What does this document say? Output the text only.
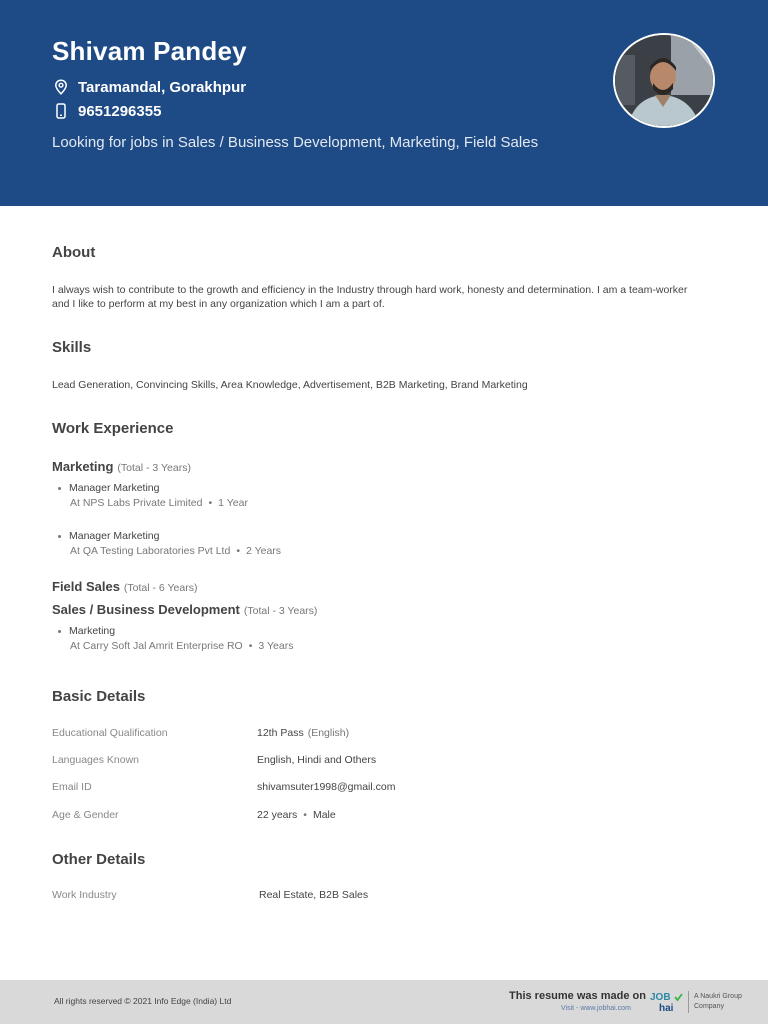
Shivam Pandey
Taramandal, Gorakhpur
9651296355
Looking for jobs in Sales / Business Development, Marketing, Field Sales
About
I always wish to contribute to the growth and efficiency in the Industry through hard work, honesty and determination. I am a team-worker and I like to perform at my best in any organization which I am a part of.
Skills
Lead Generation, Convincing Skills, Area Knowledge, Advertisement, B2B Marketing, Brand Marketing
Work Experience
Marketing (Total - 3 Years)
Manager Marketing
At NPS Labs Private Limited • 1 Year
Manager Marketing
At QA Testing Laboratories Pvt Ltd • 2 Years
Field Sales (Total - 6 Years)
Sales / Business Development (Total - 3 Years)
Marketing
At Carry Soft Jal Amrit Enterprise RO • 3 Years
Basic Details
Educational Qualification	12th Pass (English)
Languages Known	English, Hindi and Others
Email ID	shivamsuter1998@gmail.com
Age & Gender	22 years • Male
Other Details
Work Industry	Real Estate, B2B Sales
All rights reserved © 2021 Info Edge (India) Ltd	This resume was made on
Visit - www.jobhai.com
JOB
hai
A Naukri Group Company
